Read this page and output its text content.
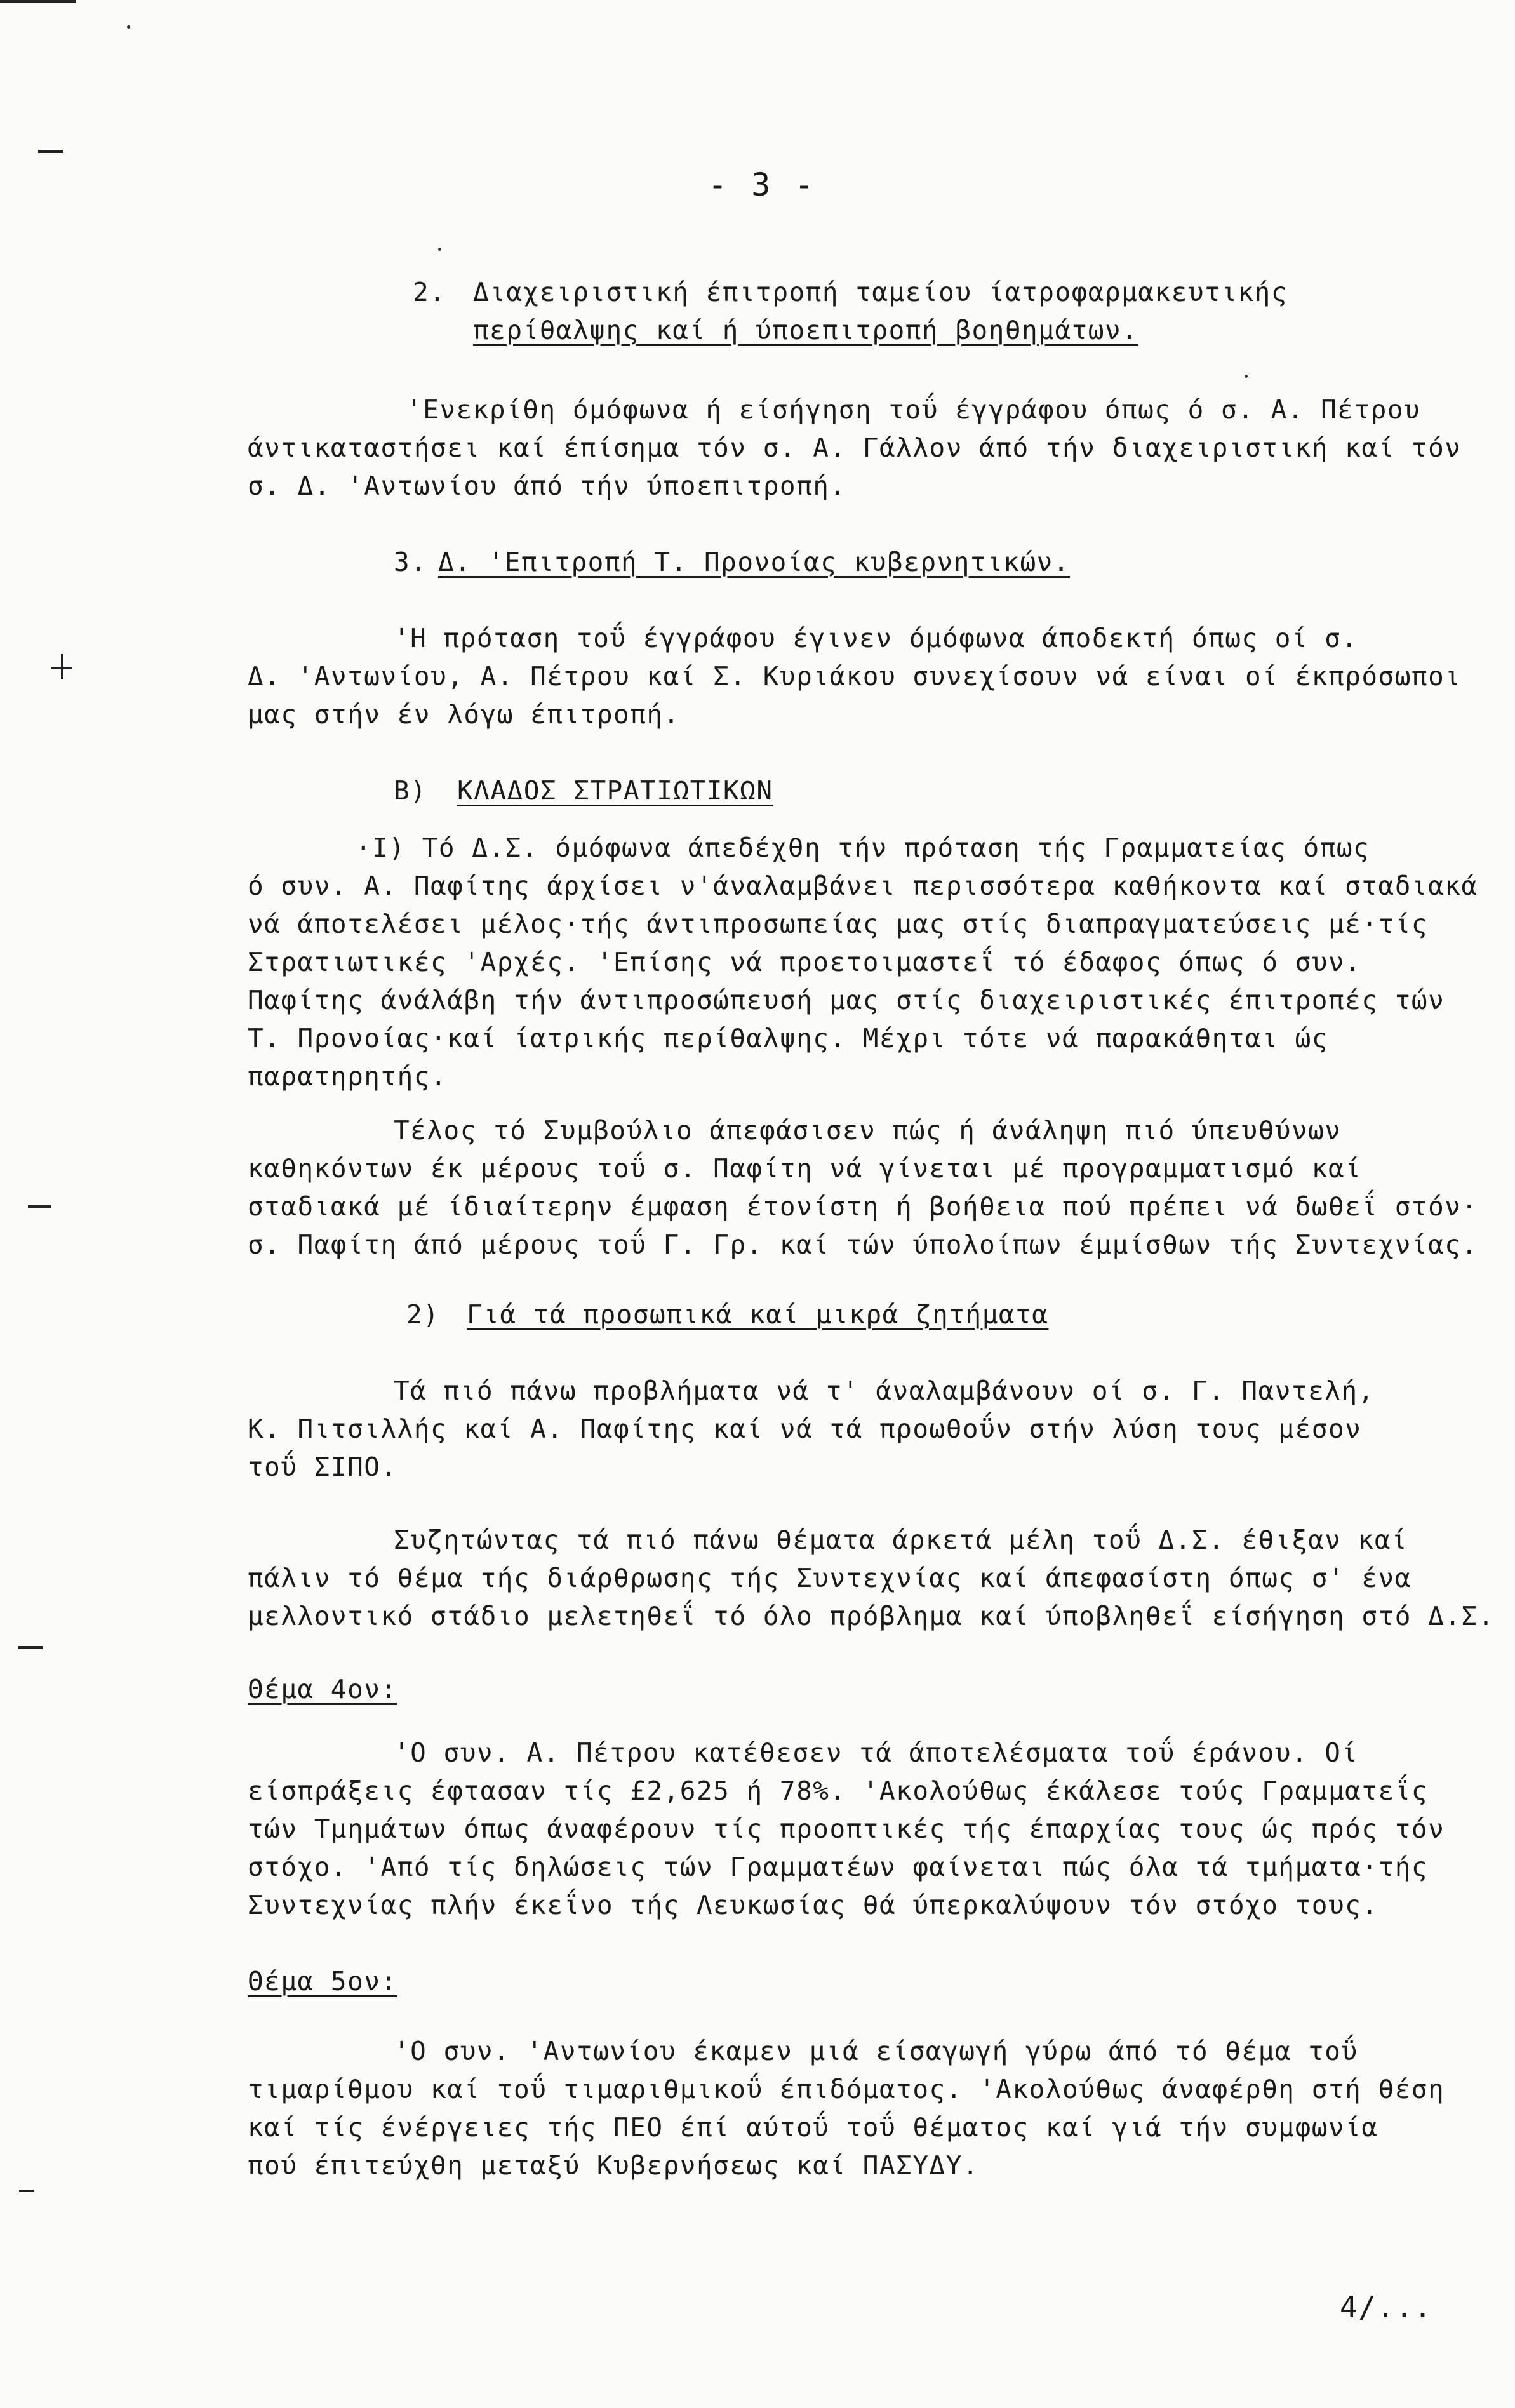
- 3 -
2. Διαχειριστική έπιτροπή ταμείου ίατροφαρμακευτικής
περίθαλψης καί ή ύποεπιτροπή βοηθημάτων.
'Ενεκρίθη όμόφωνα ή είσήγηση τοΰ έγγράφου όπως ό σ. Α. Πέτρου
άντικαταστήσει καί έπίσημα τόν σ. Α. Γάλλον άπό τήν διαχειριστική καί τόν
σ. Δ. 'Αντωνίου άπό τήν ύποεπιτροπή.
3. Δ. 'Επιτροπή Τ. Προνοίας κυβερνητικών.
'Η πρόταση τοΰ έγγράφου έγινεν όμόφωνα άποδεκτή όπως οί σ.
Δ. 'Αντωνίου, Α. Πέτρου καί Σ. Κυριάκου συνεχίσουν νά είναι οί έκπρόσωποι
μας στήν έν λόγω έπιτροπή.
Β) ΚΛΑΔΟΣ ΣΤΡΑΤΙΩΤΙΚΩΝ
·Ι) Τό Δ.Σ. όμόφωνα άπεδέχθη τήν πρόταση τής Γραμματείας όπως
ό συν. Α. Παφίτης άρχίσει ν'άναλαμβάνει περισσότερα καθήκοντα καί σταδιακά
νά άποτελέσει μέλος·τής άντιπροσωπείας μας στίς διαπραγματεύσεις μέ·τίς
Στρατιωτικές 'Αρχές. 'Επίσης νά προετοιμαστεΐ τό έδαφος όπως ό συν.
Παφίτης άνάλάβη τήν άντιπροσώπευσή μας στίς διαχειριστικές έπιτροπές τών
Τ. Προνοίας·καί ίατρικής περίθαλψης. Μέχρι τότε νά παρακάθηται ώς
παρατηρητής.
Τέλος τό Συμβούλιο άπεφάσισεν πώς ή άνάληψη πιό ύπευθύνων
καθηκόντων έκ μέρους τοΰ σ. Παφίτη νά γίνεται μέ προγραμματισμό καί
σταδιακά μέ ίδιαίτερην έμφαση έτονίστη ή βοήθεια πού πρέπει νά δωθεΐ στόν·
σ. Παφίτη άπό μέρους τοΰ Γ. Γρ. καί τών ύπολοίπων έμμίσθων τής Συντεχνίας.
2) Γιά τά προσωπικά καί μικρά ζητήματα
Τά πιό πάνω προβλήματα νά τ' άναλαμβάνουν οί σ. Γ. Παντελή,
Κ. Πιτσιλλής καί Α. Παφίτης καί νά τά προωθοΰν στήν λύση τους μέσον
τοΰ ΣΙΠΟ.
Συζητώντας τά πιό πάνω θέματα άρκετά μέλη τοΰ Δ.Σ. έθιξαν καί
πάλιν τό θέμα τής διάρθρωσης τής Συντεχνίας καί άπεφασίστη όπως σ' ένα
μελλοντικό στάδιο μελετηθεΐ τό όλο πρόβλημα καί ύποβληθεΐ είσήγηση στό Δ.Σ.
Θέμα 4ον:
'Ο συν. Α. Πέτρου κατέθεσεν τά άποτελέσματα τοΰ έράνου. Οί
είσπράξεις έφτασαν τίς £2,625 ή 78%. 'Ακολούθως έκάλεσε τούς Γραμματεΐς
τών Τμημάτων όπως άναφέρουν τίς προοπτικές τής έπαρχίας τους ώς πρός τόν
στόχο. 'Από τίς δηλώσεις τών Γραμματέων φαίνεται πώς όλα τά τμήματα·τής
Συντεχνίας πλήν έκεΐνο τής Λευκωσίας θά ύπερκαλύψουν τόν στόχο τους.
Θέμα 5ον:
'Ο συν. 'Αντωνίου έκαμεν μιά είσαγωγή γύρω άπό τό θέμα τοΰ
τιμαρίθμου καί τοΰ τιμαριθμικοΰ έπιδόματος. 'Ακολούθως άναφέρθη στή θέση
καί τίς ένέργειες τής ΠΕΟ έπί αύτοΰ τοΰ θέματος καί γιά τήν συμφωνία
πού έπιτεύχθη μεταξύ Κυβερνήσεως καί ΠΑΣΥΔΥ.
4/...
